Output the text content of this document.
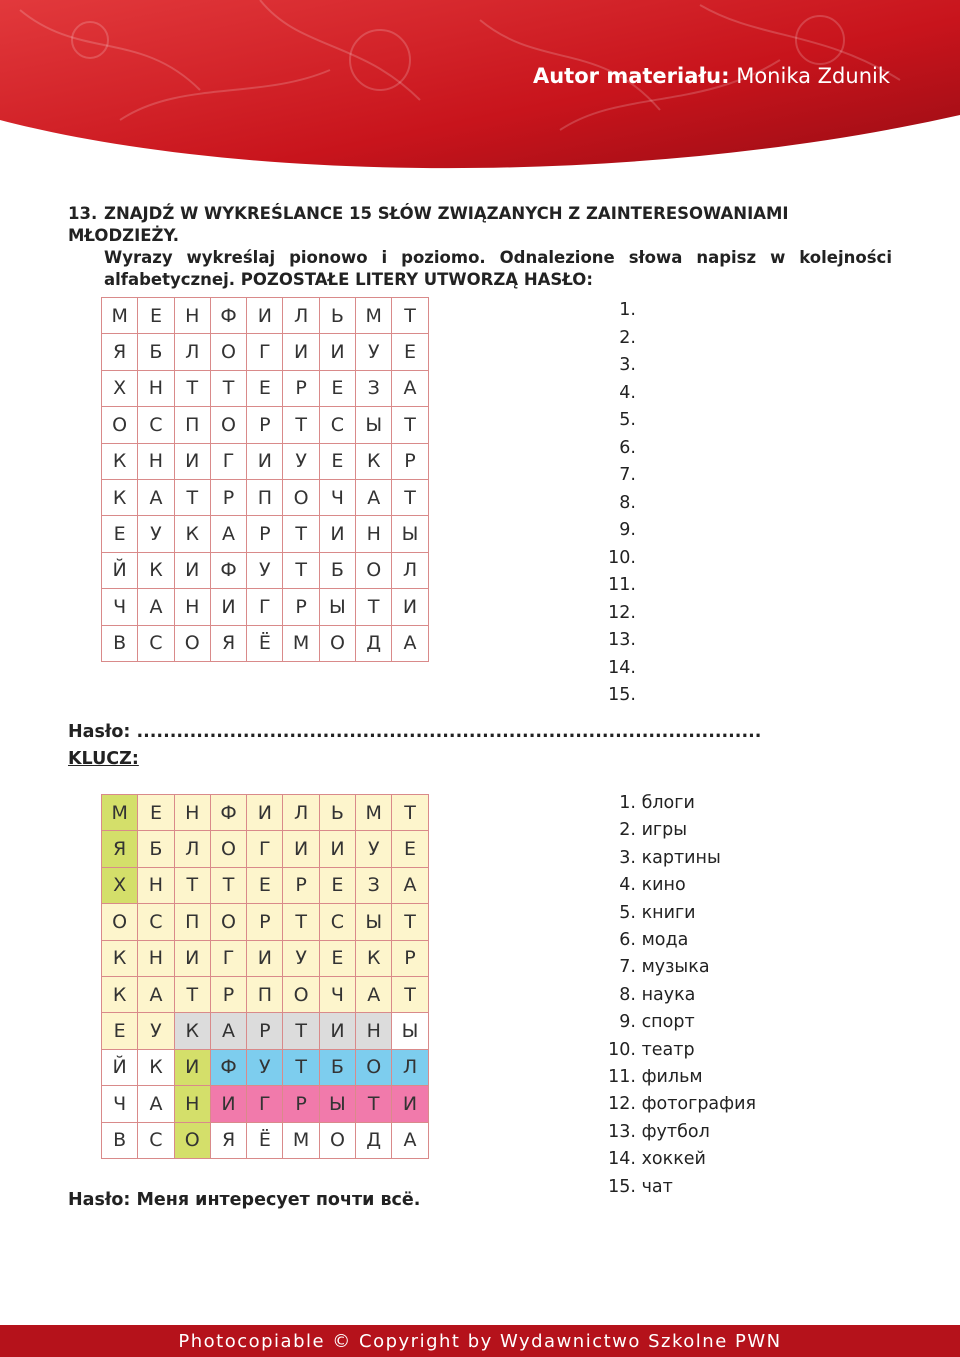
Autor materiału: Monika Zdunik
13. ZNAJDŹ W WYKREŚLANCE 15 SŁÓW ZWIĄZANYCH Z ZAINTERESOWANIAMI MŁODZIEŻY.
Wyrazy wykreślaj pionowo i poziomo. Odnalezione słowa napisz w kolejności
alfabetycznej. POZOSTAŁE LITERY UTWORZĄ HASŁO:
М	Е	Н	Ф	И	Л	Ь	М	Т
Я	Б	Л	О	Г	И	И	У	Е
Х	Н	Т	Т	Е	Р	Е	З	А
О	С	П	О	Р	Т	С	Ы	Т
К	Н	И	Г	И	У	Е	К	Р
К	А	Т	Р	П	О	Ч	А	Т
Е	У	К	А	Р	Т	И	Н	Ы
Й	К	И	Ф	У	Т	Б	О	Л
Ч	А	Н	И	Г	Р	Ы	Т	И
В	С	О	Я	Ё	М	О	Д	А
1.
2.
3.
4.
5.
6.
7.
8.
9.
10.
11.
12.
13.
14.
15.
Hasło: ..............................................................................................
KLUCZ:
М	Е	Н	Ф	И	Л	Ь	М	Т
Я	Б	Л	О	Г	И	И	У	Е
Х	Н	Т	Т	Е	Р	Е	З	А
О	С	П	О	Р	Т	С	Ы	Т
К	Н	И	Г	И	У	Е	К	Р
К	А	Т	Р	П	О	Ч	А	Т
Е	У	К	А	Р	Т	И	Н	Ы
Й	К	И	Ф	У	Т	Б	О	Л
Ч	А	Н	И	Г	Р	Ы	Т	И
В	С	О	Я	Ё	М	О	Д	А
1. блоги
2. игры
3. картины
4. кино
5. книги
6. мода
7. музыка
8. наука
9. спорт
10. театр
11. фильм
12. фотография
13. футбол
14. хоккей
15. чат
Hasło: Меня интересует почти всё.
Photocopiable © Copyright by Wydawnictwo Szkolne PWN
